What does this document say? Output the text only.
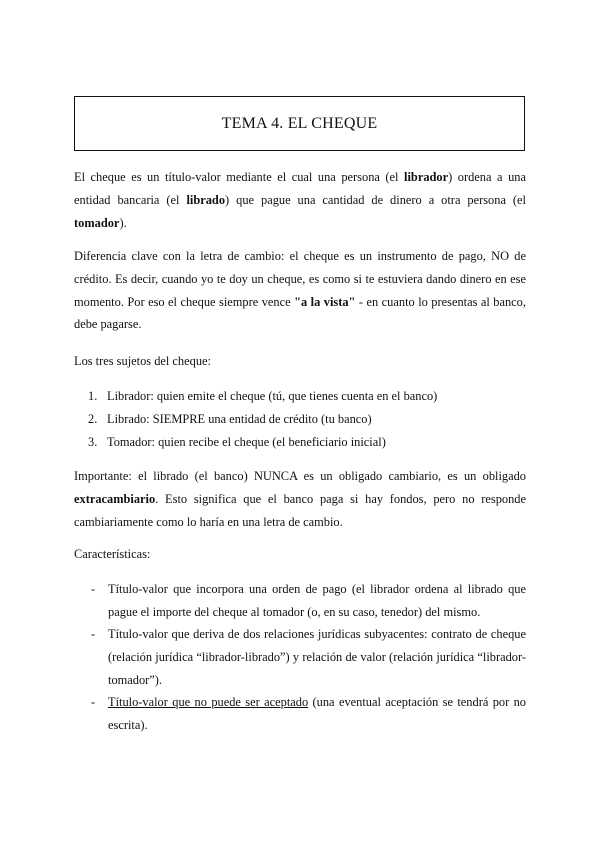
TEMA 4. EL CHEQUE

El cheque es un título-valor mediante el cual una persona (el librador) ordena a una entidad bancaria (el librado) que pague una cantidad de dinero a otra persona (el tomador).

Diferencia clave con la letra de cambio: el cheque es un instrumento de pago, NO de crédito. Es decir, cuando yo te doy un cheque, es como si te estuviera dando dinero en ese momento. Por eso el cheque siempre vence "a la vista" - en cuanto lo presentas al banco, debe pagarse.

Los tres sujetos del cheque:

1. Librador: quien emite el cheque (tú, que tienes cuenta en el banco)
2. Librado: SIEMPRE una entidad de crédito (tu banco)
3. Tomador: quien recibe el cheque (el beneficiario inicial)

Importante: el librado (el banco) NUNCA es un obligado cambiario, es un obligado extracambiario. Esto significa que el banco paga si hay fondos, pero no responde cambiariamente como lo haría en una letra de cambio.

Características:

- Título-valor que incorpora una orden de pago (el librador ordena al librado que pague el importe del cheque al tomador (o, en su caso, tenedor) del mismo.

- Título-valor que deriva de dos relaciones jurídicas subyacentes: contrato de cheque (relación jurídica “librador-librado”) y relación de valor (relación jurídica “librador-tomador”).

- Título-valor que no puede ser aceptado (una eventual aceptación se tendrá por no escrita).
